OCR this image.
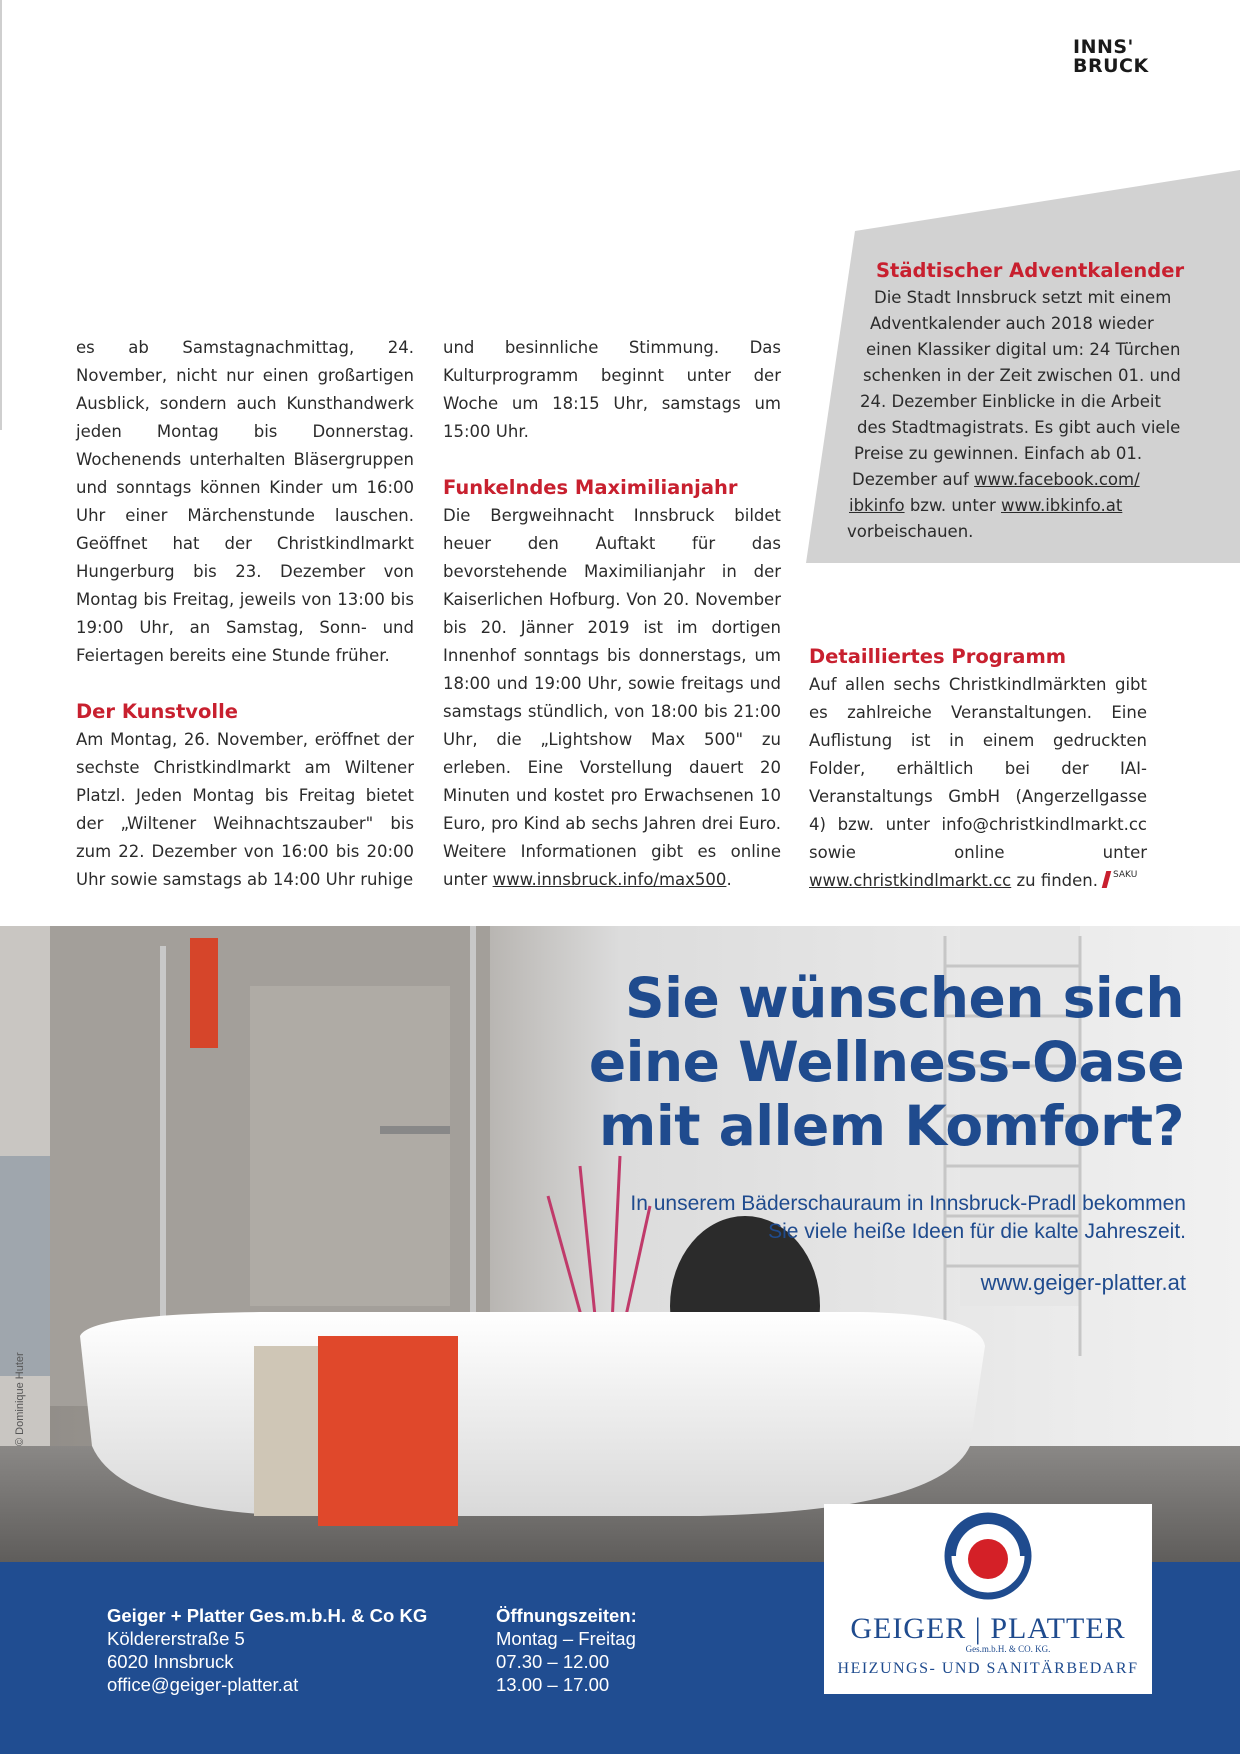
INNS'
BRUCK

es ab Samstagnachmittag, 24. November, nicht nur einen großartigen Ausblick, sondern auch Kunsthandwerk jeden Montag bis Donnerstag. Wochenends unterhalten Bläsergruppen und sonntags können Kinder um 16:00 Uhr einer Märchenstunde lauschen. Geöffnet hat der Christkindlmarkt Hungerburg bis 23. Dezember von Montag bis Freitag, jeweils von 13:00 bis 19:00 Uhr, an Samstag, Sonn- und Feiertagen bereits eine Stunde früher.

Der Kunstvolle

Am Montag, 26. November, eröffnet der sechste Christkindlmarkt am Wiltener Platzl. Jeden Montag bis Freitag bietet der „Wiltener Weihnachtszauber" bis zum 22. Dezember von 16:00 bis 20:00 Uhr sowie samstags ab 14:00 Uhr ruhige

und besinnliche Stimmung. Das Kulturprogramm beginnt unter der Woche um 18:15 Uhr, samstags um 15:00 Uhr.

Funkelndes Maximilianjahr

Die Bergweihnacht Innsbruck bildet heuer den Auftakt für das bevorstehende Maximilianjahr in der Kaiserlichen Hofburg. Von 20. November bis 20. Jänner 2019 ist im dortigen Innenhof sonntags bis donnerstags, um 18:00 und 19:00 Uhr, sowie freitags und samstags stündlich, von 18:00 bis 21:00 Uhr, die „Lightshow Max 500" zu erleben. Eine Vorstellung dauert 20 Minuten und kostet pro Erwachsenen 10 Euro, pro Kind ab sechs Jahren drei Euro. Weitere Informationen gibt es online unter www.innsbruck.info/max500.

Städtischer Adventkalender
Die Stadt Innsbruck setzt mit einem
Adventkalender auch 2018 wieder
einen Klassiker digital um: 24 Türchen
schenken in der Zeit zwischen 01. und
24. Dezember Einblicke in die Arbeit
des Stadtmagistrats. Es gibt auch viele
Preise zu gewinnen. Einfach ab 01.
Dezember auf www.facebook.com/
ibkinfo bzw. unter www.ibkinfo.at
vorbeischauen.
Detailliertes Programm

Auf allen sechs Christkindlmärkten gibt es zahlreiche Veranstaltungen. Eine Auflistung ist in einem gedruckten Folder, erhältlich bei der IAI-Veranstaltungs GmbH (Angerzellgasse 4) bzw. unter info@christkindlmarkt.cc sowie online unter www.christkindlmarkt.cc zu finden. $^{SAKU}$

Sie wünschen sich
eine Wellness-Oase
mit allem Komfort?
In unserem Bäderschauraum in Innsbruck-Pradl bekommen
Sie viele heiße Ideen für die kalte Jahreszeit.
www.geiger-platter.at
© Dominique Huter
Geiger + Platter Ges.m.b.H. & Co KG
Köldererstraße 5
6020 Innsbruck
office@geiger-platter.at
Öffnungszeiten:
Montag – Freitag
07.30 – 12.00
13.00 – 17.00
GEIGER | PLATTER
Ges.m.b.H. & CO. KG.
HEIZUNGS- UND SANITÄRBEDARF
